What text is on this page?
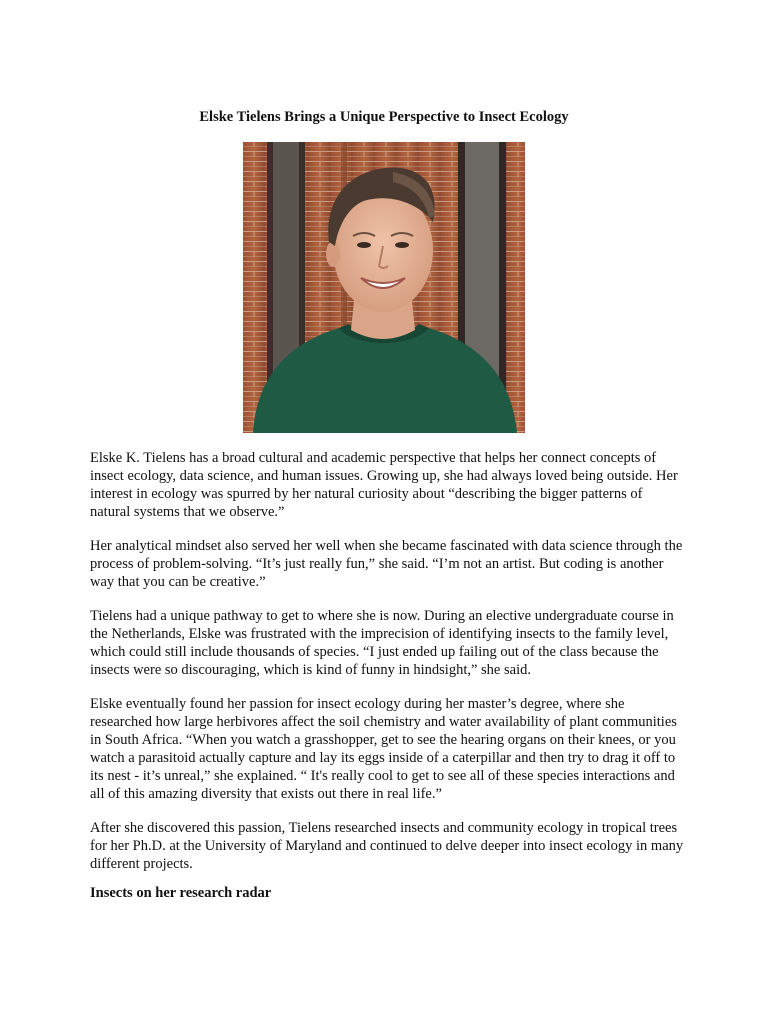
Elske Tielens Brings a Unique Perspective to Insect Ecology

Elske K. Tielens has a broad cultural and academic perspective that helps her connect concepts of insect ecology, data science, and human issues. Growing up, she had always loved being outside. Her interest in ecology was spurred by her natural curiosity about “describing the bigger patterns of natural systems that we observe.”

Her analytical mindset also served her well when she became fascinated with data science through the process of problem-solving. “It’s just really fun,” she said. “I’m not an artist. But coding is another way that you can be creative.”

Tielens had a unique pathway to get to where she is now. During an elective undergraduate course in the Netherlands, Elske was frustrated with the imprecision of identifying insects to the family level, which could still include thousands of species. “I just ended up failing out of the class because the insects were so discouraging, which is kind of funny in hindsight,” she said.

Elske eventually found her passion for insect ecology during her master’s degree, where she researched how large herbivores affect the soil chemistry and water availability of plant communities in South Africa. “When you watch a grasshopper, get to see the hearing organs on their knees, or you watch a parasitoid actually capture and lay its eggs inside of a caterpillar and then try to drag it off to its nest - it’s unreal,” she explained. “ It's really cool to get to see all of these species interactions and all of this amazing diversity that exists out there in real life.”

After she discovered this passion, Tielens researched insects and community ecology in tropical trees for her Ph.D. at the University of Maryland and continued to delve deeper into insect ecology in many different projects.

Insects on her research radar
